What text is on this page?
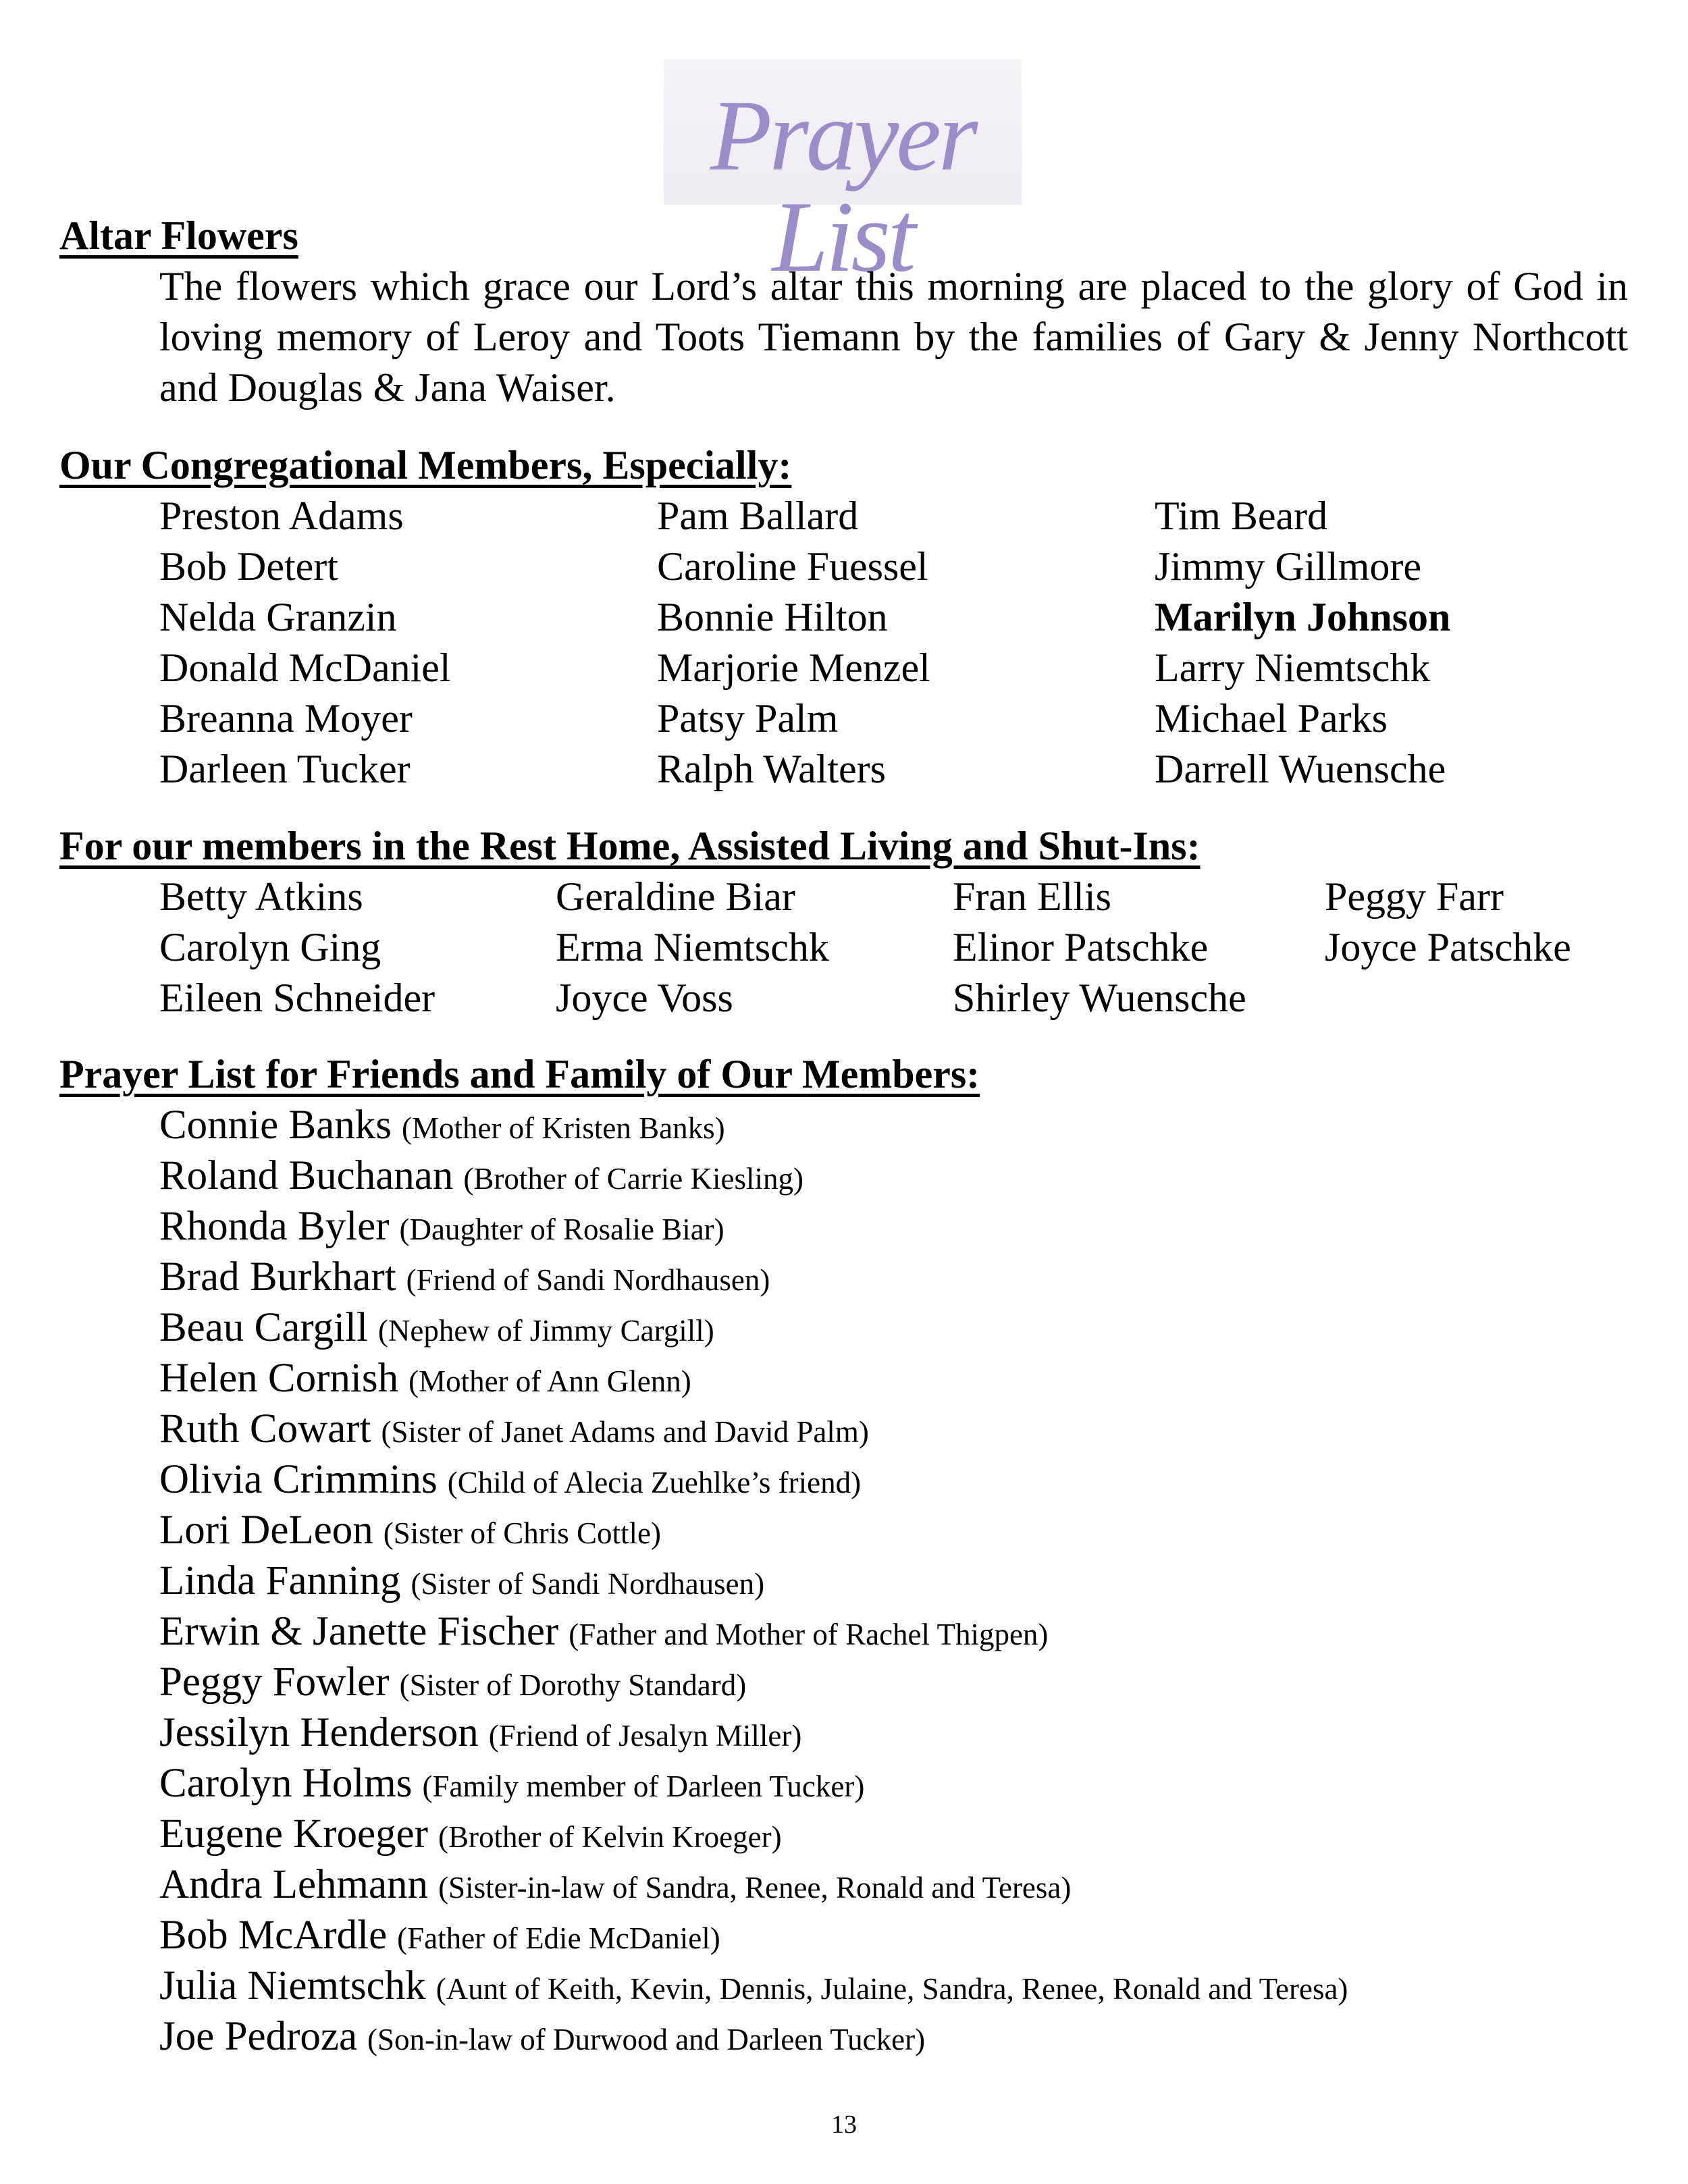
Prayer List
Altar Flowers
The flowers which grace our Lord’s altar this morning are placed to the glory of God in loving memory of Leroy and Toots Tiemann by the families of Gary & Jenny Northcott and Douglas & Jana Waiser.
Our Congregational Members, Especially:
Preston Adams	Pam Ballard	Tim Beard
Bob Detert	Caroline Fuessel	Jimmy Gillmore
Nelda Granzin	Bonnie Hilton	Marilyn Johnson
Donald McDaniel	Marjorie Menzel	Larry Niemtschk
Breanna Moyer	Patsy Palm	Michael Parks
Darleen Tucker	Ralph Walters	Darrell Wuensche
For our members in the Rest Home, Assisted Living and Shut-Ins:
Betty Atkins	Geraldine Biar	Fran Ellis	Peggy Farr
Carolyn Ging	Erma Niemtschk	Elinor Patschke	Joyce Patschke
Eileen Schneider	Joyce Voss	Shirley Wuensche
Prayer List for Friends and Family of Our Members:
Connie Banks (Mother of Kristen Banks)
Roland Buchanan (Brother of Carrie Kiesling)
Rhonda Byler (Daughter of Rosalie Biar)
Brad Burkhart (Friend of Sandi Nordhausen)
Beau Cargill (Nephew of Jimmy Cargill)
Helen Cornish (Mother of Ann Glenn)
Ruth Cowart (Sister of Janet Adams and David Palm)
Olivia Crimmins (Child of Alecia Zuehlke’s friend)
Lori DeLeon (Sister of Chris Cottle)
Linda Fanning (Sister of Sandi Nordhausen)
Erwin & Janette Fischer (Father and Mother of Rachel Thigpen)
Peggy Fowler (Sister of Dorothy Standard)
Jessilyn Henderson (Friend of Jesalyn Miller)
Carolyn Holms (Family member of Darleen Tucker)
Eugene Kroeger (Brother of Kelvin Kroeger)
Andra Lehmann (Sister-in-law of Sandra, Renee, Ronald and Teresa)
Bob McArdle (Father of Edie McDaniel)
Julia Niemtschk (Aunt of Keith, Kevin, Dennis, Julaine, Sandra, Renee, Ronald and Teresa)
Joe Pedroza (Son-in-law of Durwood and Darleen Tucker)
13
